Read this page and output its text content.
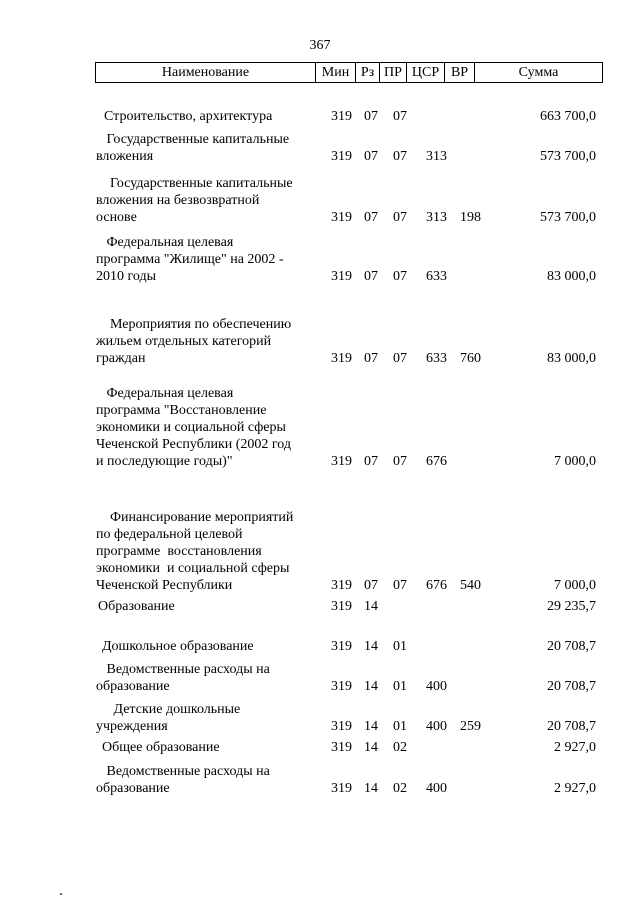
367
Наименование	Мин Рз ПР ЦСР ВР	Сумма
Строительство, архитектура	319 07 07	663 700,0
Государственные капитальные
вложения	319 07 07 313	573 700,0
Государственные капитальные
вложения на безвозвратной
основе	319 07 07 313 198	573 700,0
Федеральная целевая
программа "Жилище" на 2002 -
2010 годы	319 07 07 633	83 000,0
Мероприятия по обеспечению
жильем отдельных категорий
граждан	319 07 07 633 760	83 000,0
Федеральная целевая
программа "Восстановление
экономики и социальной сферы
Чеченской Республики (2002 год
и последующие годы)"	319 07 07 676	7 000,0
Финансирование мероприятий
по федеральной целевой
программе  восстановления
экономики  и социальной сферы
Чеченской Республики	319 07 07 676 540	7 000,0
Образование	319 14	29 235,7
Дошкольное образование	319 14 01	20 708,7
Ведомственные расходы на
образование	319 14 01 400	20 708,7
Детские дошкольные
учреждения	319 14 01 400 259	20 708,7
Общее образование	319 14 02	2 927,0
Ведомственные расходы на
образование	319 14 02 400	2 927,0
